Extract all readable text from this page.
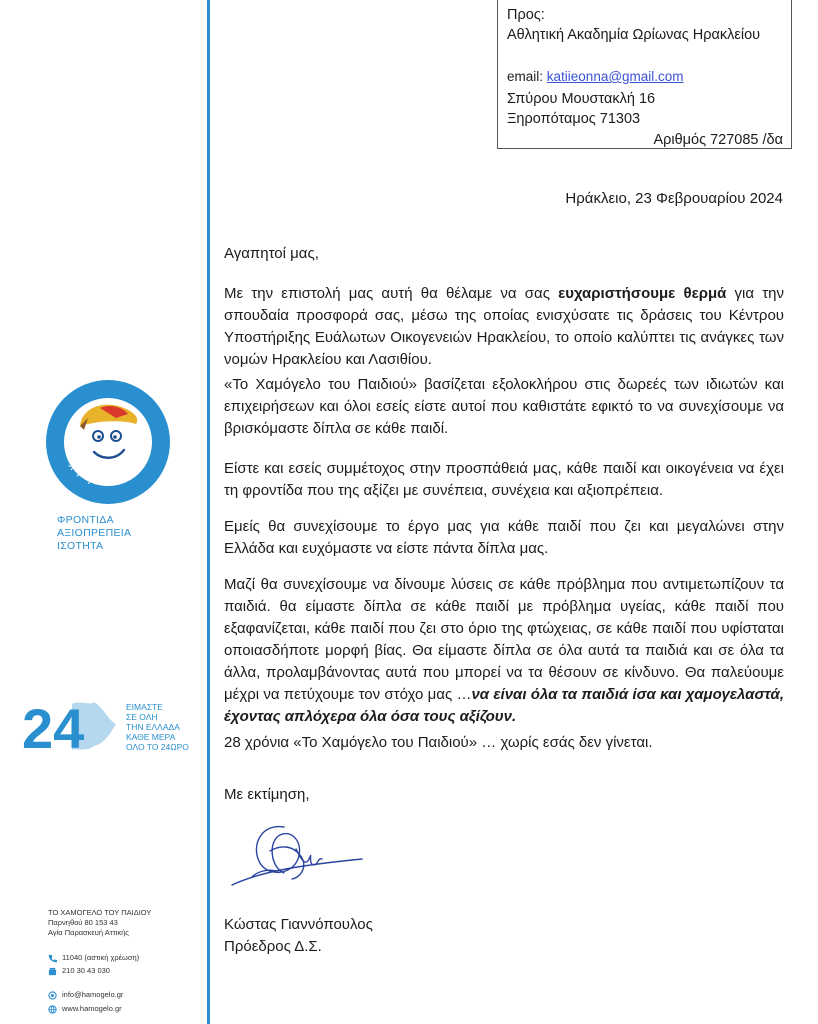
Προς:
Αθλητική Ακαδημία Ωρίωνας Ηρακλείου
email: katiieonna@gmail.com
Σπύρου Μουστακλή 16
Ξηροπόταμος 71303
Αριθμός 727085 /δα
Ηράκλειο, 23 Φεβρουαρίου 2024
Αγαπητοί μας,
Με την επιστολή μας αυτή θα θέλαμε να σας ευχαριστήσουμε θερμά για την σπουδαία προσφορά σας, μέσω της οποίας ενισχύσατε τις δράσεις του Κέντρου Υποστήριξης Ευάλωτων Οικογενειών Ηρακλείου, το οποίο καλύπτει τις ανάγκες των νομών Ηρακλείου και Λασιθίου.
«Το Χαμόγελο του Παιδιού» βασίζεται εξολοκλήρου στις δωρεές των ιδιωτών και επιχειρήσεων και όλοι εσείς είστε αυτοί που καθιστάτε εφικτό το να συνεχίσουμε να βρισκόμαστε δίπλα σε κάθε παιδί.
Είστε και εσείς συμμέτοχος στην προσπάθειά μας, κάθε παιδί και οικογένεια να έχει τη φροντίδα που της αξίζει με συνέπεια, συνέχεια και αξιοπρέπεια.
Εμείς θα συνεχίσουμε το έργο μας για κάθε παιδί που ζει και μεγαλώνει στην Ελλάδα και ευχόμαστε να είστε πάντα δίπλα μας.
Μαζί θα συνεχίσουμε να δίνουμε λύσεις σε κάθε πρόβλημα που αντιμετωπίζουν τα παιδιά. θα είμαστε δίπλα σε κάθε παιδί με πρόβλημα υγείας, κάθε παιδί που εξαφανίζεται, κάθε παιδί που ζει στο όριο της φτώχειας, σε κάθε παιδί που υφίσταται οποιασδήποτε μορφή βίας. Θα είμαστε δίπλα σε όλα αυτά τα παιδιά και σε όλα τα άλλα, προλαμβάνοντας αυτά που μπορεί να τα θέσουν σε κίνδυνο. Θα παλεύουμε μέχρι να πετύχουμε τον στόχο μας …να είναι όλα τα παιδιά ίσα και χαμογελαστά, έχοντας απλόχερα όλα όσα τους αξίζουν.
28 χρόνια «Το Χαμόγελο του Παιδιού» … χωρίς εσάς δεν γίνεται.
Με εκτίμηση,
Κώστας Γιαννόπουλος
Πρόεδρος Δ.Σ.
Το χαμόγελο του παιδιού
ΦΡΟΝΤΙΔΑ
ΑΞΙΟΠΡΕΠΕΙΑ
ΙΣΟΤΗΤΑ
24	ΕΙΜΑΣΤΕ
ΣΕ ΟΛΗ
ΤΗΝ ΕΛΛΑΔΑ
ΚΑΘΕ ΜΕΡΑ
ΟΛΟ ΤΟ 24ΩΡΟ
ΤΟ ΧΑΜΟΓΕΛΟ ΤΟΥ ΠΑΙΔΙΟΥ
Παρνηθού 80 153 43
Αγία Παρασκευή Αττικής
11040 (αστική χρέωση)
210 30 43 030
info@hamogelo.gr
www.hamogelo.gr
